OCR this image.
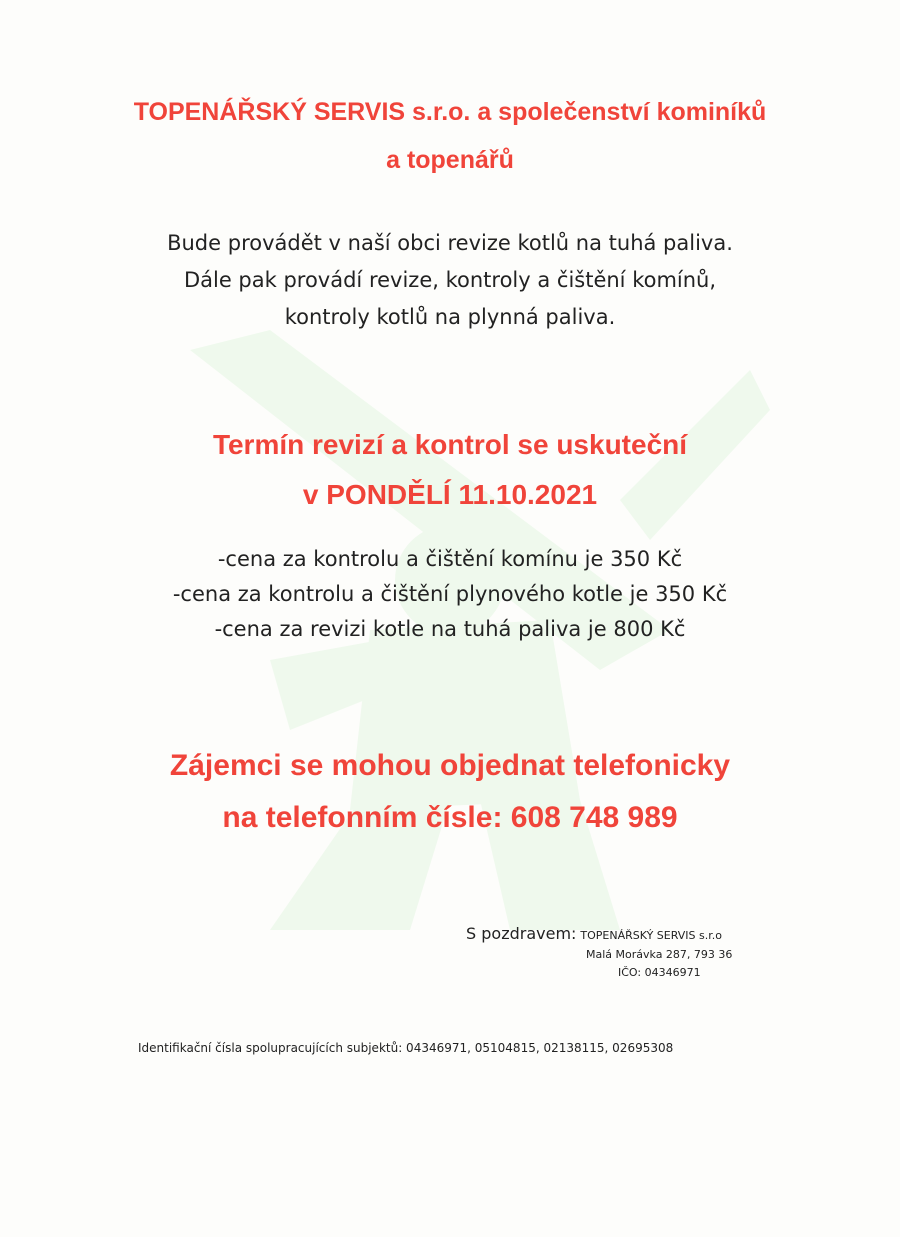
TOPENÁŘSKÝ SERVIS s.r.o. a společenství kominíků
a topenářů
Bude provádět v naší obci revize kotlů na tuhá paliva.
Dále pak provádí revize, kontroly a čištění komínů,
kontroly kotlů na plynná paliva.
Termín revizí a kontrol se uskuteční
v PONDĚLÍ 11.10.2021
-cena za kontrolu a čištění komínu je 350 Kč
-cena za kontrolu a čištění plynového kotle je 350 Kč
-cena za revizi kotle na tuhá paliva je 800 Kč
Zájemci se mohou objednat telefonicky
na telefonním čísle: 608 748 989
S pozdravem: TOPENÁŘSKÝ SERVIS s.r.o
Malá Morávka 287, 793 36
IČO: 04346971
Identifikační čísla spolupracujících subjektů: 04346971, 05104815, 02138115, 02695308
